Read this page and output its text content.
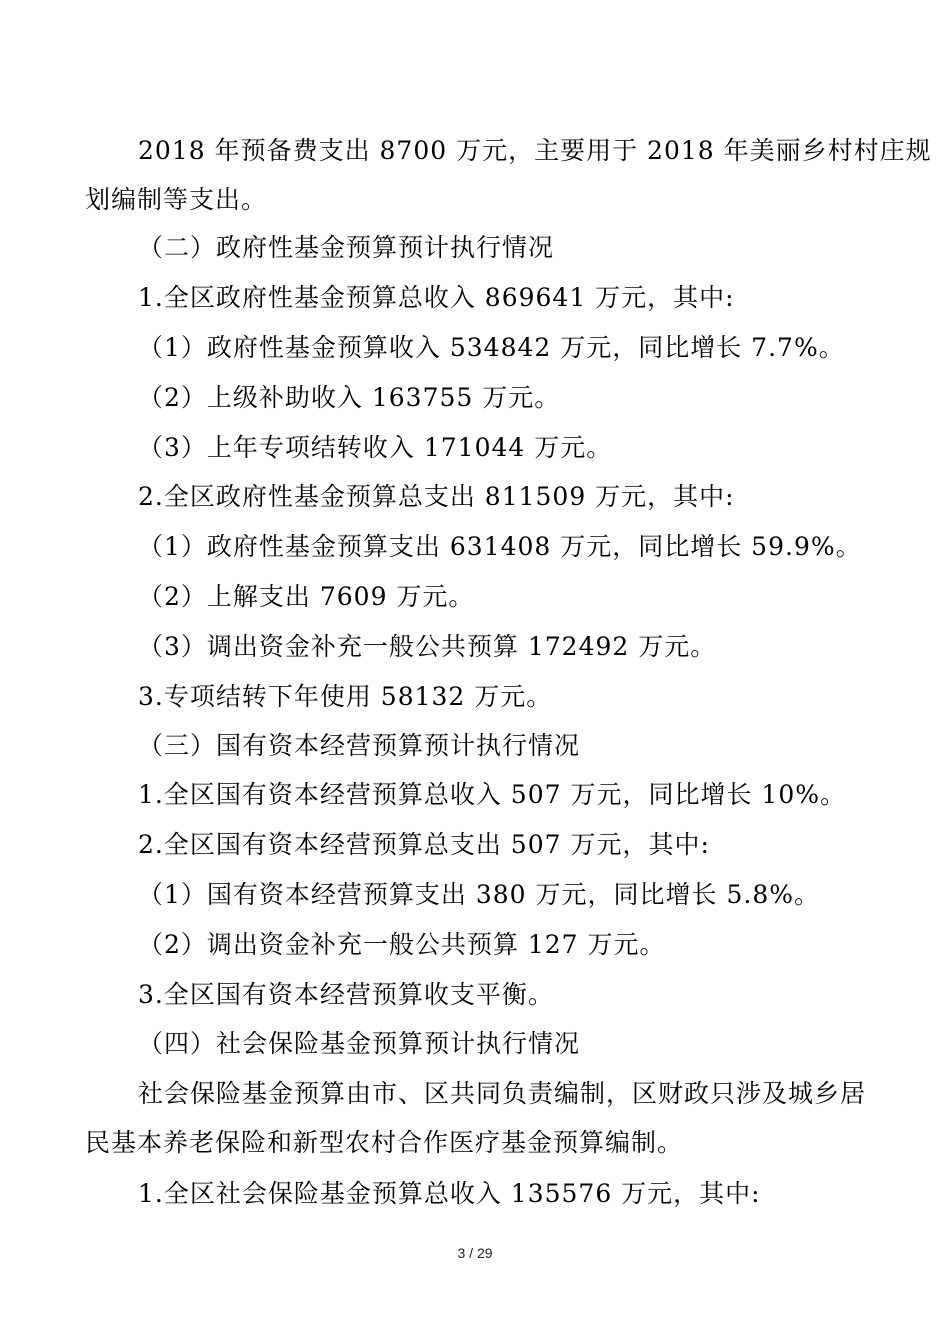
2018 年预备费支出 8700 万元，主要用于 2018 年美丽乡村村庄规
划编制等支出。
（二）政府性基金预算预计执行情况
1.全区政府性基金预算总收入 869641 万元，其中:
（1）政府性基金预算收入 534842 万元，同比增长 7.7%。
（2）上级补助收入 163755 万元。
（3）上年专项结转收入 171044 万元。
2.全区政府性基金预算总支出 811509 万元，其中:
（1）政府性基金预算支出 631408 万元，同比增长 59.9%。
（2）上解支出 7609 万元。
（3）调出资金补充一般公共预算 172492 万元。
3.专项结转下年使用 58132 万元。
（三）国有资本经营预算预计执行情况
1.全区国有资本经营预算总收入 507 万元，同比增长 10%。
2.全区国有资本经营预算总支出 507 万元，其中:
（1）国有资本经营预算支出 380 万元，同比增长 5.8%。
（2）调出资金补充一般公共预算 127 万元。
3.全区国有资本经营预算收支平衡。
（四）社会保险基金预算预计执行情况
社会保险基金预算由市、区共同负责编制，区财政只涉及城乡居
民基本养老保险和新型农村合作医疗基金预算编制。
1.全区社会保险基金预算总收入 135576 万元，其中:
3 / 29
